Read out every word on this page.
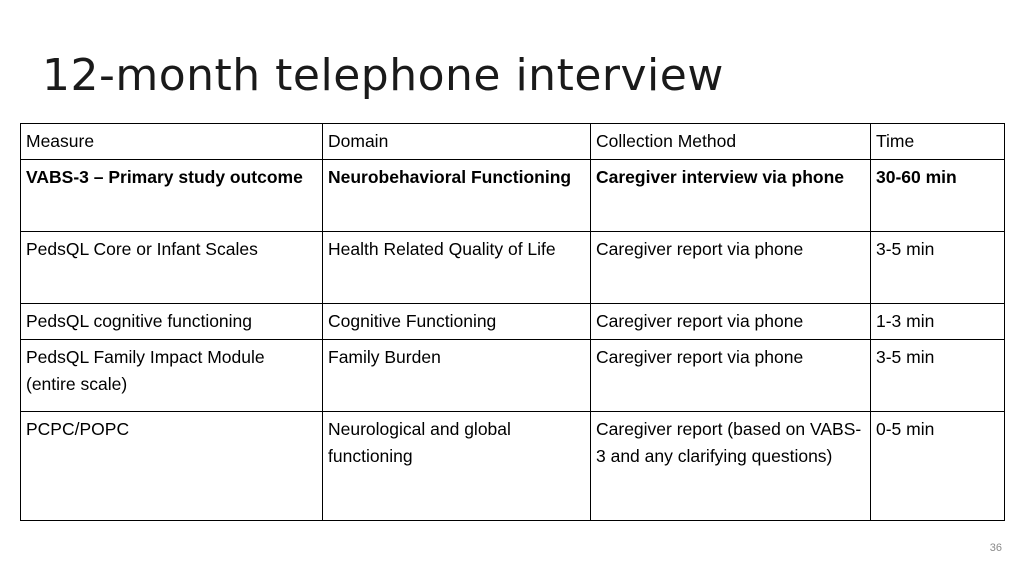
12-month telephone interview
Measure	Domain	Collection Method	Time
VABS-3 – Primary study outcome	Neurobehavioral Functioning	Caregiver interview via phone	30-60 min
PedsQL Core or Infant Scales	Health Related Quality of Life	Caregiver report via phone	3-5 min
PedsQL cognitive functioning	Cognitive Functioning	Caregiver report via phone	1-3 min
PedsQL Family Impact Module (entire scale)	Family Burden	Caregiver report via phone	3-5 min
PCPC/POPC	Neurological and global functioning	Caregiver report (based on VABS-3 and any clarifying questions)	0-5 min
36
